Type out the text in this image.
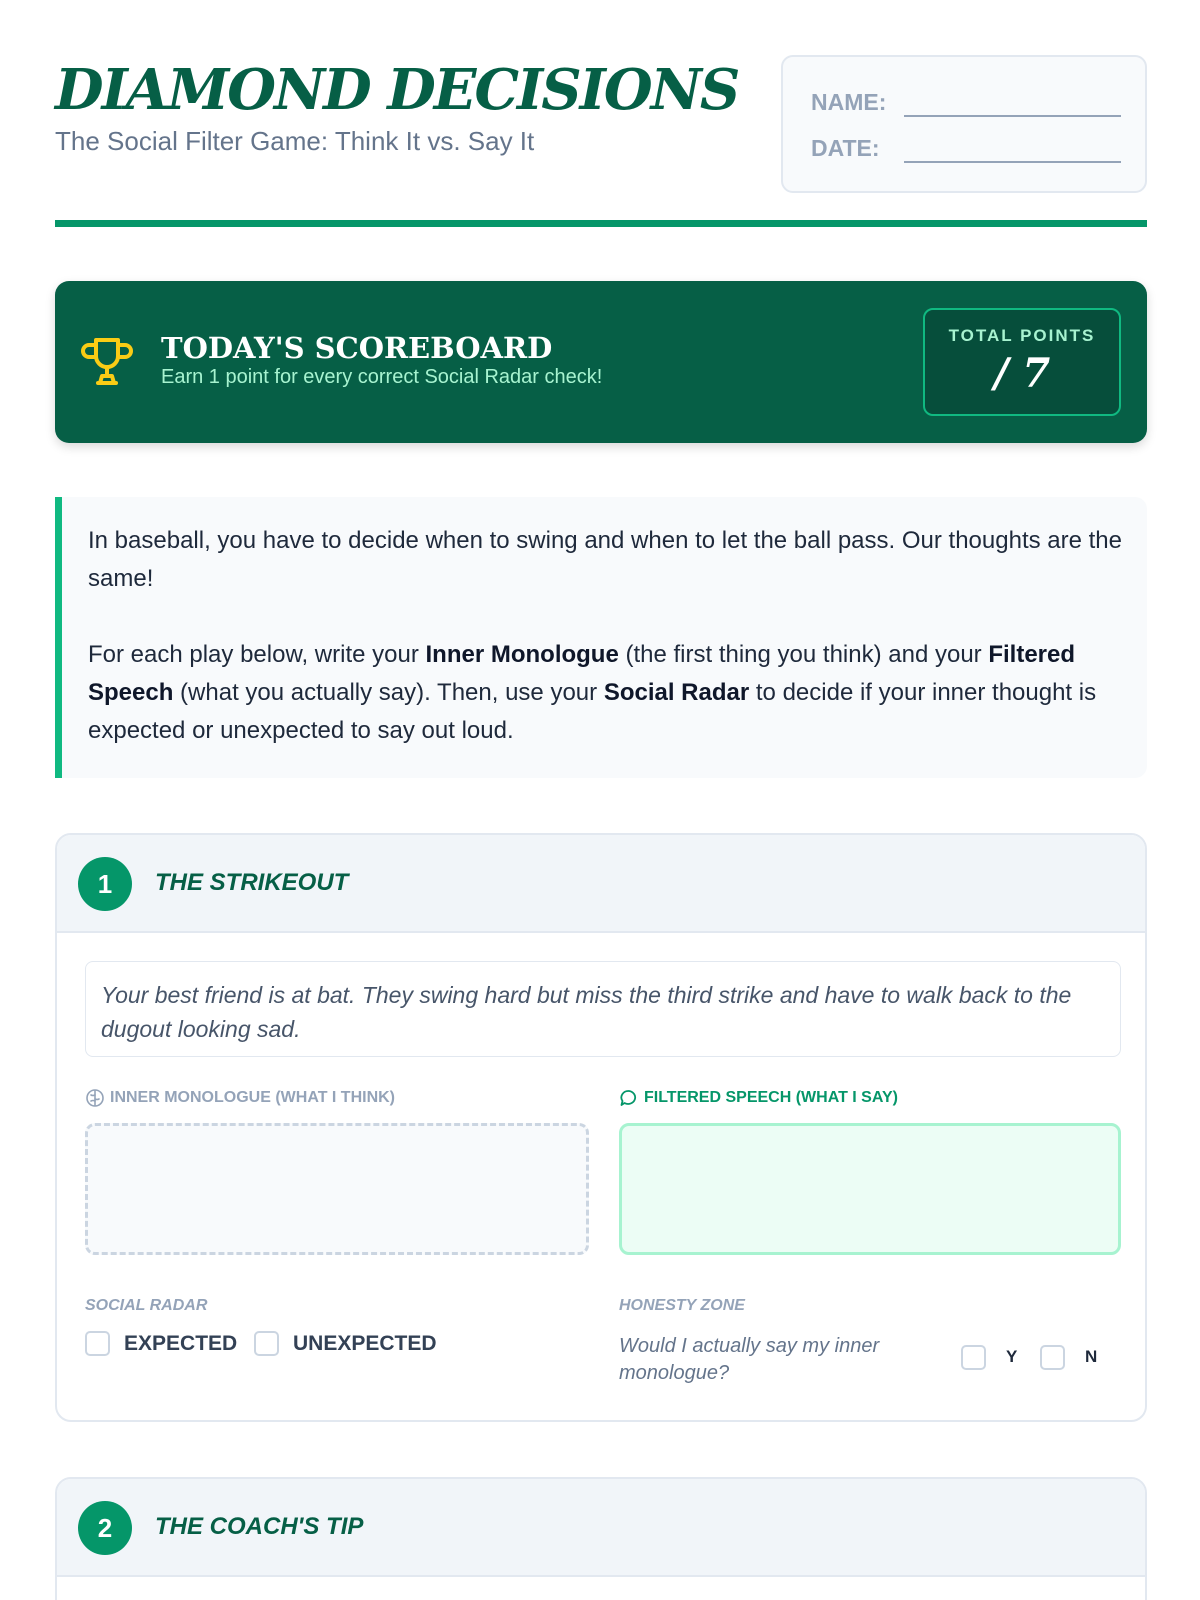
DIAMOND DECISIONS
The Social Filter Game: Think It vs. Say It
NAME:
DATE:
TODAY'S SCOREBOARD
Earn 1 point for every correct Social Radar check!
TOTAL POINTS
/ 7

In baseball, you have to decide when to swing and when to let the ball pass. Our thoughts are the same!

For each play below, write your Inner Monologue (the first thing you think) and your Filtered Speech (what you actually say). Then, use your Social Radar to decide if your inner thought is expected or unexpected to say out loud.

1	THE STRIKEOUT
Your best friend is at bat. They swing hard but miss the third strike and have to walk back to the dugout looking sad.
INNER MONOLOGUE (WHAT I THINK)	FILTERED SPEECH (WHAT I SAY)
SOCIAL RADAR	HONESTY ZONE
EXPECTED	UNEXPECTED	Would I actually say my inner monologue?
Y	N
2	THE COACH'S TIP
